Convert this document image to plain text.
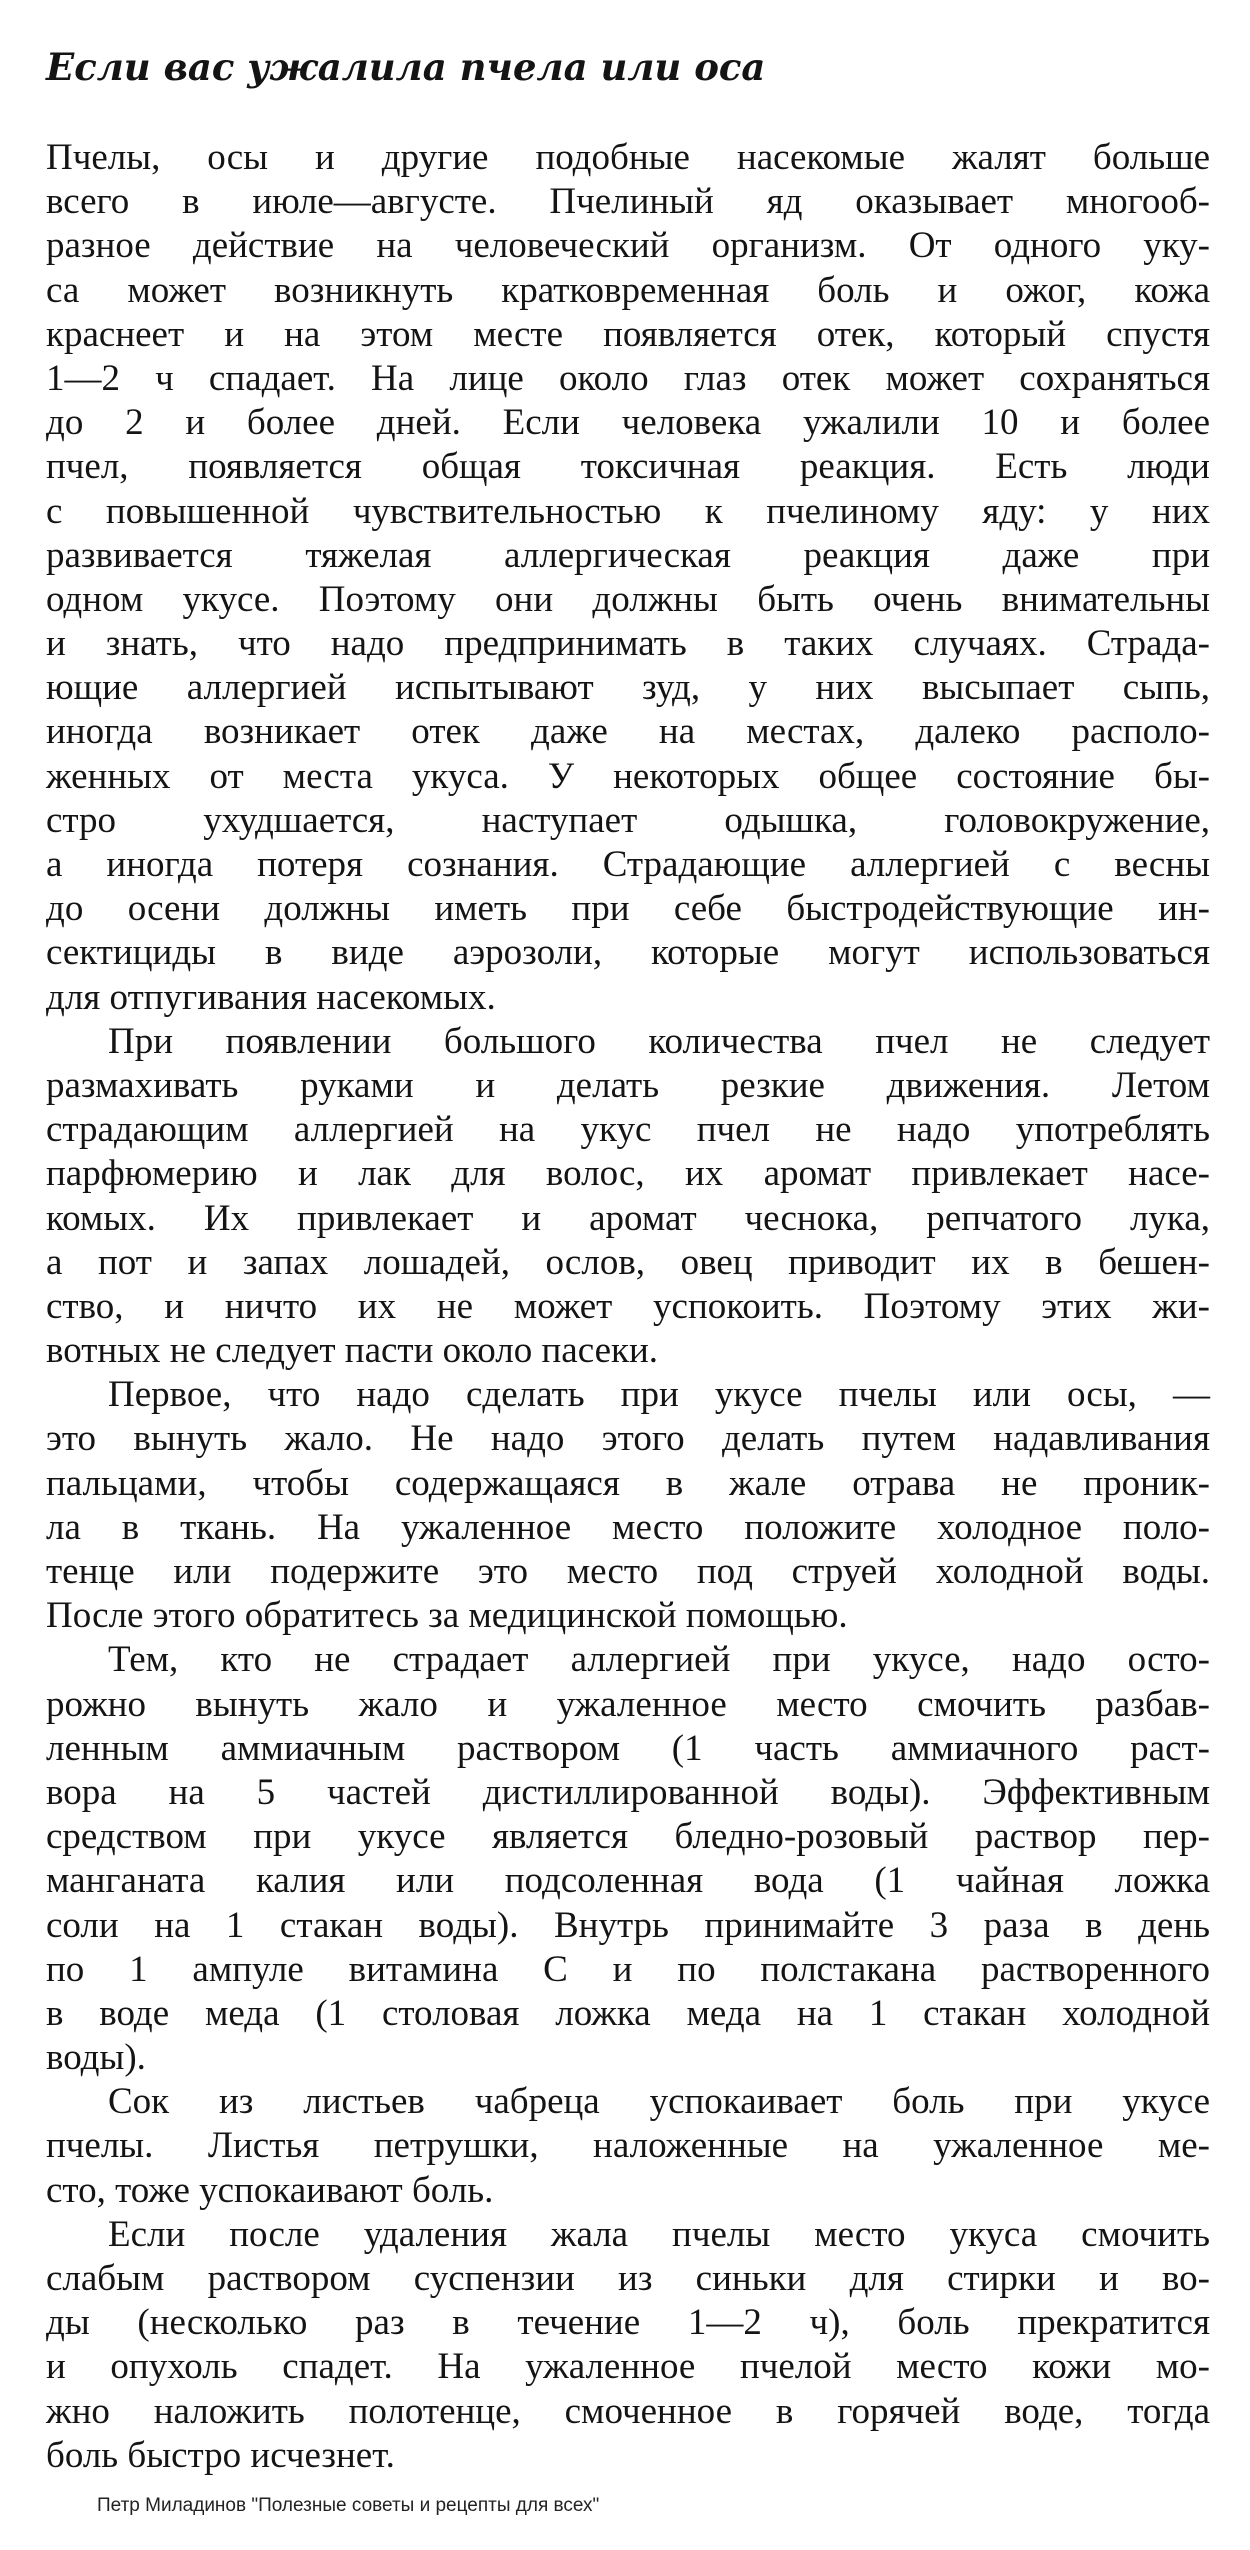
Если вас ужалила пчела или оса
Пчелы, осы и другие подобные насекомые жалят больше
всего в июле—августе. Пчелиный яд оказывает многооб-
разное действие на человеческий организм. От одного уку-
са может возникнуть кратковременная боль и ожог, кожа
краснеет и на этом месте появляется отек, который спустя
1—2 ч спадает. На лице около глаз отек может сохраняться
до 2 и более дней. Если человека ужалили 10 и более
пчел, появляется общая токсичная реакция. Есть люди
с повышенной чувствительностью к пчелиному яду: у них
развивается тяжелая аллергическая реакция даже при
одном укусе. Поэтому они должны быть очень внимательны
и знать, что надо предпринимать в таких случаях. Страда-
ющие аллергией испытывают зуд, у них высыпает сыпь,
иногда возникает отек даже на местах, далеко располо-
женных от места укуса. У некоторых общее состояние бы-
стро ухудшается, наступает одышка, головокружение,
а иногда потеря сознания. Страдающие аллергией с весны
до осени должны иметь при себе быстродействующие ин-
сектициды в виде аэрозоли, которые могут использоваться
для отпугивания насекомых.
При появлении большого количества пчел не следует
размахивать руками и делать резкие движения. Летом
страдающим аллергией на укус пчел не надо употреблять
парфюмерию и лак для волос, их аромат привлекает насе-
комых. Их привлекает и аромат чеснока, репчатого лука,
а пот и запах лошадей, ослов, овец приводит их в бешен-
ство, и ничто их не может успокоить. Поэтому этих жи-
вотных не следует пасти около пасеки.
Первое, что надо сделать при укусе пчелы или осы, —
это вынуть жало. Не надо этого делать путем надавливания
пальцами, чтобы содержащаяся в жале отрава не проник-
ла в ткань. На ужаленное место положите холодное поло-
тенце или подержите это место под струей холодной воды.
После этого обратитесь за медицинской помощью.
Тем, кто не страдает аллергией при укусе, надо осто-
рожно вынуть жало и ужаленное место смочить разбав-
ленным аммиачным раствором (1 часть аммиачного раст-
вора на 5 частей дистиллированной воды). Эффективным
средством при укусе является бледно-розовый раствор пер-
манганата калия или подсоленная вода (1 чайная ложка
соли на 1 стакан воды). Внутрь принимайте 3 раза в день
по 1 ампуле витамина С и по полстакана растворенного
в воде меда (1 столовая ложка меда на 1 стакан холодной
воды).
Сок из листьев чабреца успокаивает боль при укусе
пчелы. Листья петрушки, наложенные на ужаленное ме-
сто, тоже успокаивают боль.
Если после удаления жала пчелы место укуса смочить
слабым раствором суспензии из синьки для стирки и во-
ды (несколько раз в течение 1—2 ч), боль прекратится
и опухоль спадет. На ужаленное пчелой место кожи мо-
жно наложить полотенце, смоченное в горячей воде, тогда
боль быстро исчезнет.
Петр Миладинов "Полезные советы и рецепты для всех"
